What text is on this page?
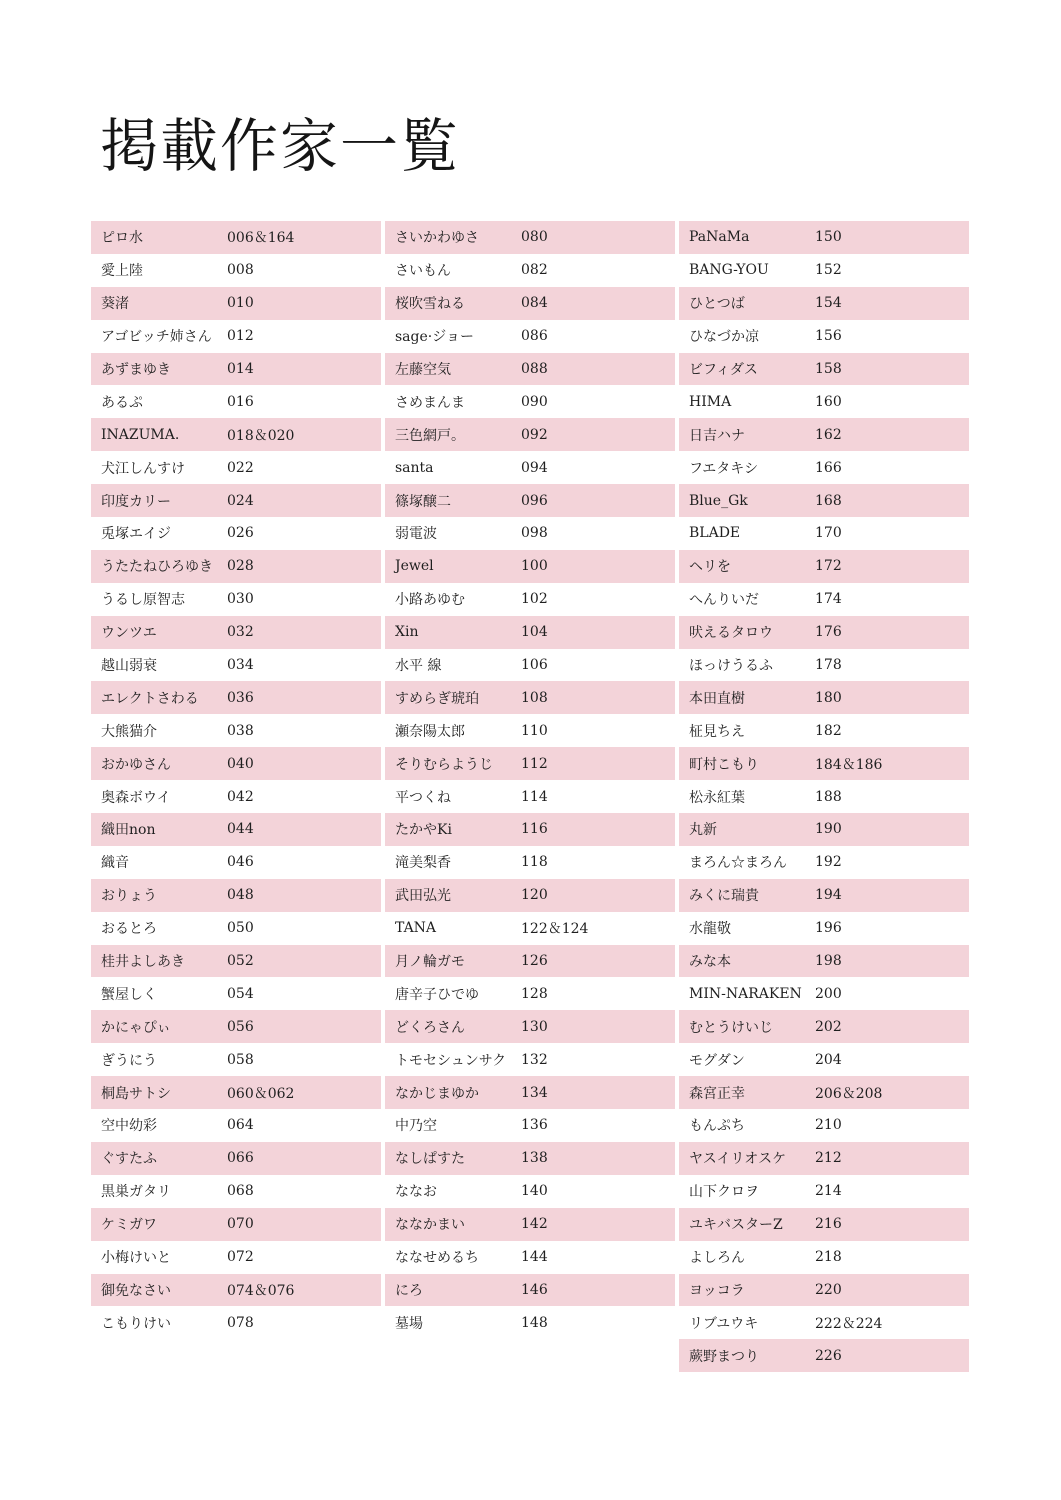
掲載作家一覧
ピロ水	006＆164
愛上陸	008
葵渚	010
アゴビッチ姉さん	012
あずまゆき	014
あるぷ	016
INAZUMA.	018＆020
犬江しんすけ	022
印度カリー	024
兎塚エイジ	026
うたたねひろゆき	028
うるし原智志	030
ウンツエ	032
越山弱衰	034
エレクトさわる	036
大熊猫介	038
おかゆさん	040
奥森ボウイ	042
織田non	044
織音	046
おりょう	048
おるとろ	050
桂井よしあき	052
蟹屋しく	054
かにゃぴぃ	056
ぎうにう	058
桐島サトシ	060＆062
空中幼彩	064
ぐすたふ	066
黒巣ガタリ	068
ケミガワ	070
小梅けいと	072
御免なさい	074＆076
こもりけい	078
さいかわゆさ	080
さいもん	082
桜吹雪ねる	084
sage·ジョー	086
左藤空気	088
さめまんま	090
三色網戸。	092
santa	094
篠塚醸二	096
弱電波	098
Jewel	100
小路あゆむ	102
Xin	104
水平 線	106
すめらぎ琥珀	108
瀬奈陽太郎	110
そりむらようじ	112
平つくね	114
たかやKi	116
滝美梨香	118
武田弘光	120
TANA	122＆124
月ノ輪ガモ	126
唐辛子ひでゆ	128
どくろさん	130
トモセシュンサク	132
なかじまゆか	134
中乃空	136
なしぱすた	138
ななお	140
ななかまい	142
ななせめるち	144
にろ	146
墓場	148
PaNaMa	150
BANG-YOU	152
ひとつば	154
ひなづか凉	156
ビフィダス	158
HIMA	160
日吉ハナ	162
フエタキシ	166
Blue_Gk	168
BLADE	170
ヘリを	172
へんりいだ	174
吠えるタロウ	176
ほっけうるふ	178
本田直樹	180
柾見ちえ	182
町村こもり	184＆186
松永紅葉	188
丸新	190
まろん☆まろん	192
みくに瑞貴	194
水龍敬	196
みな本	198
MIN-NARAKEN 200
むとうけいじ	202
モグダン	204
森宮正幸	206＆208
もんぷち	210
ヤスイリオスケ	212
山下クロヲ	214
ユキバスターZ	216
よしろん	218
ヨッコラ	220
リブユウキ	222＆224
蕨野まつり	226
